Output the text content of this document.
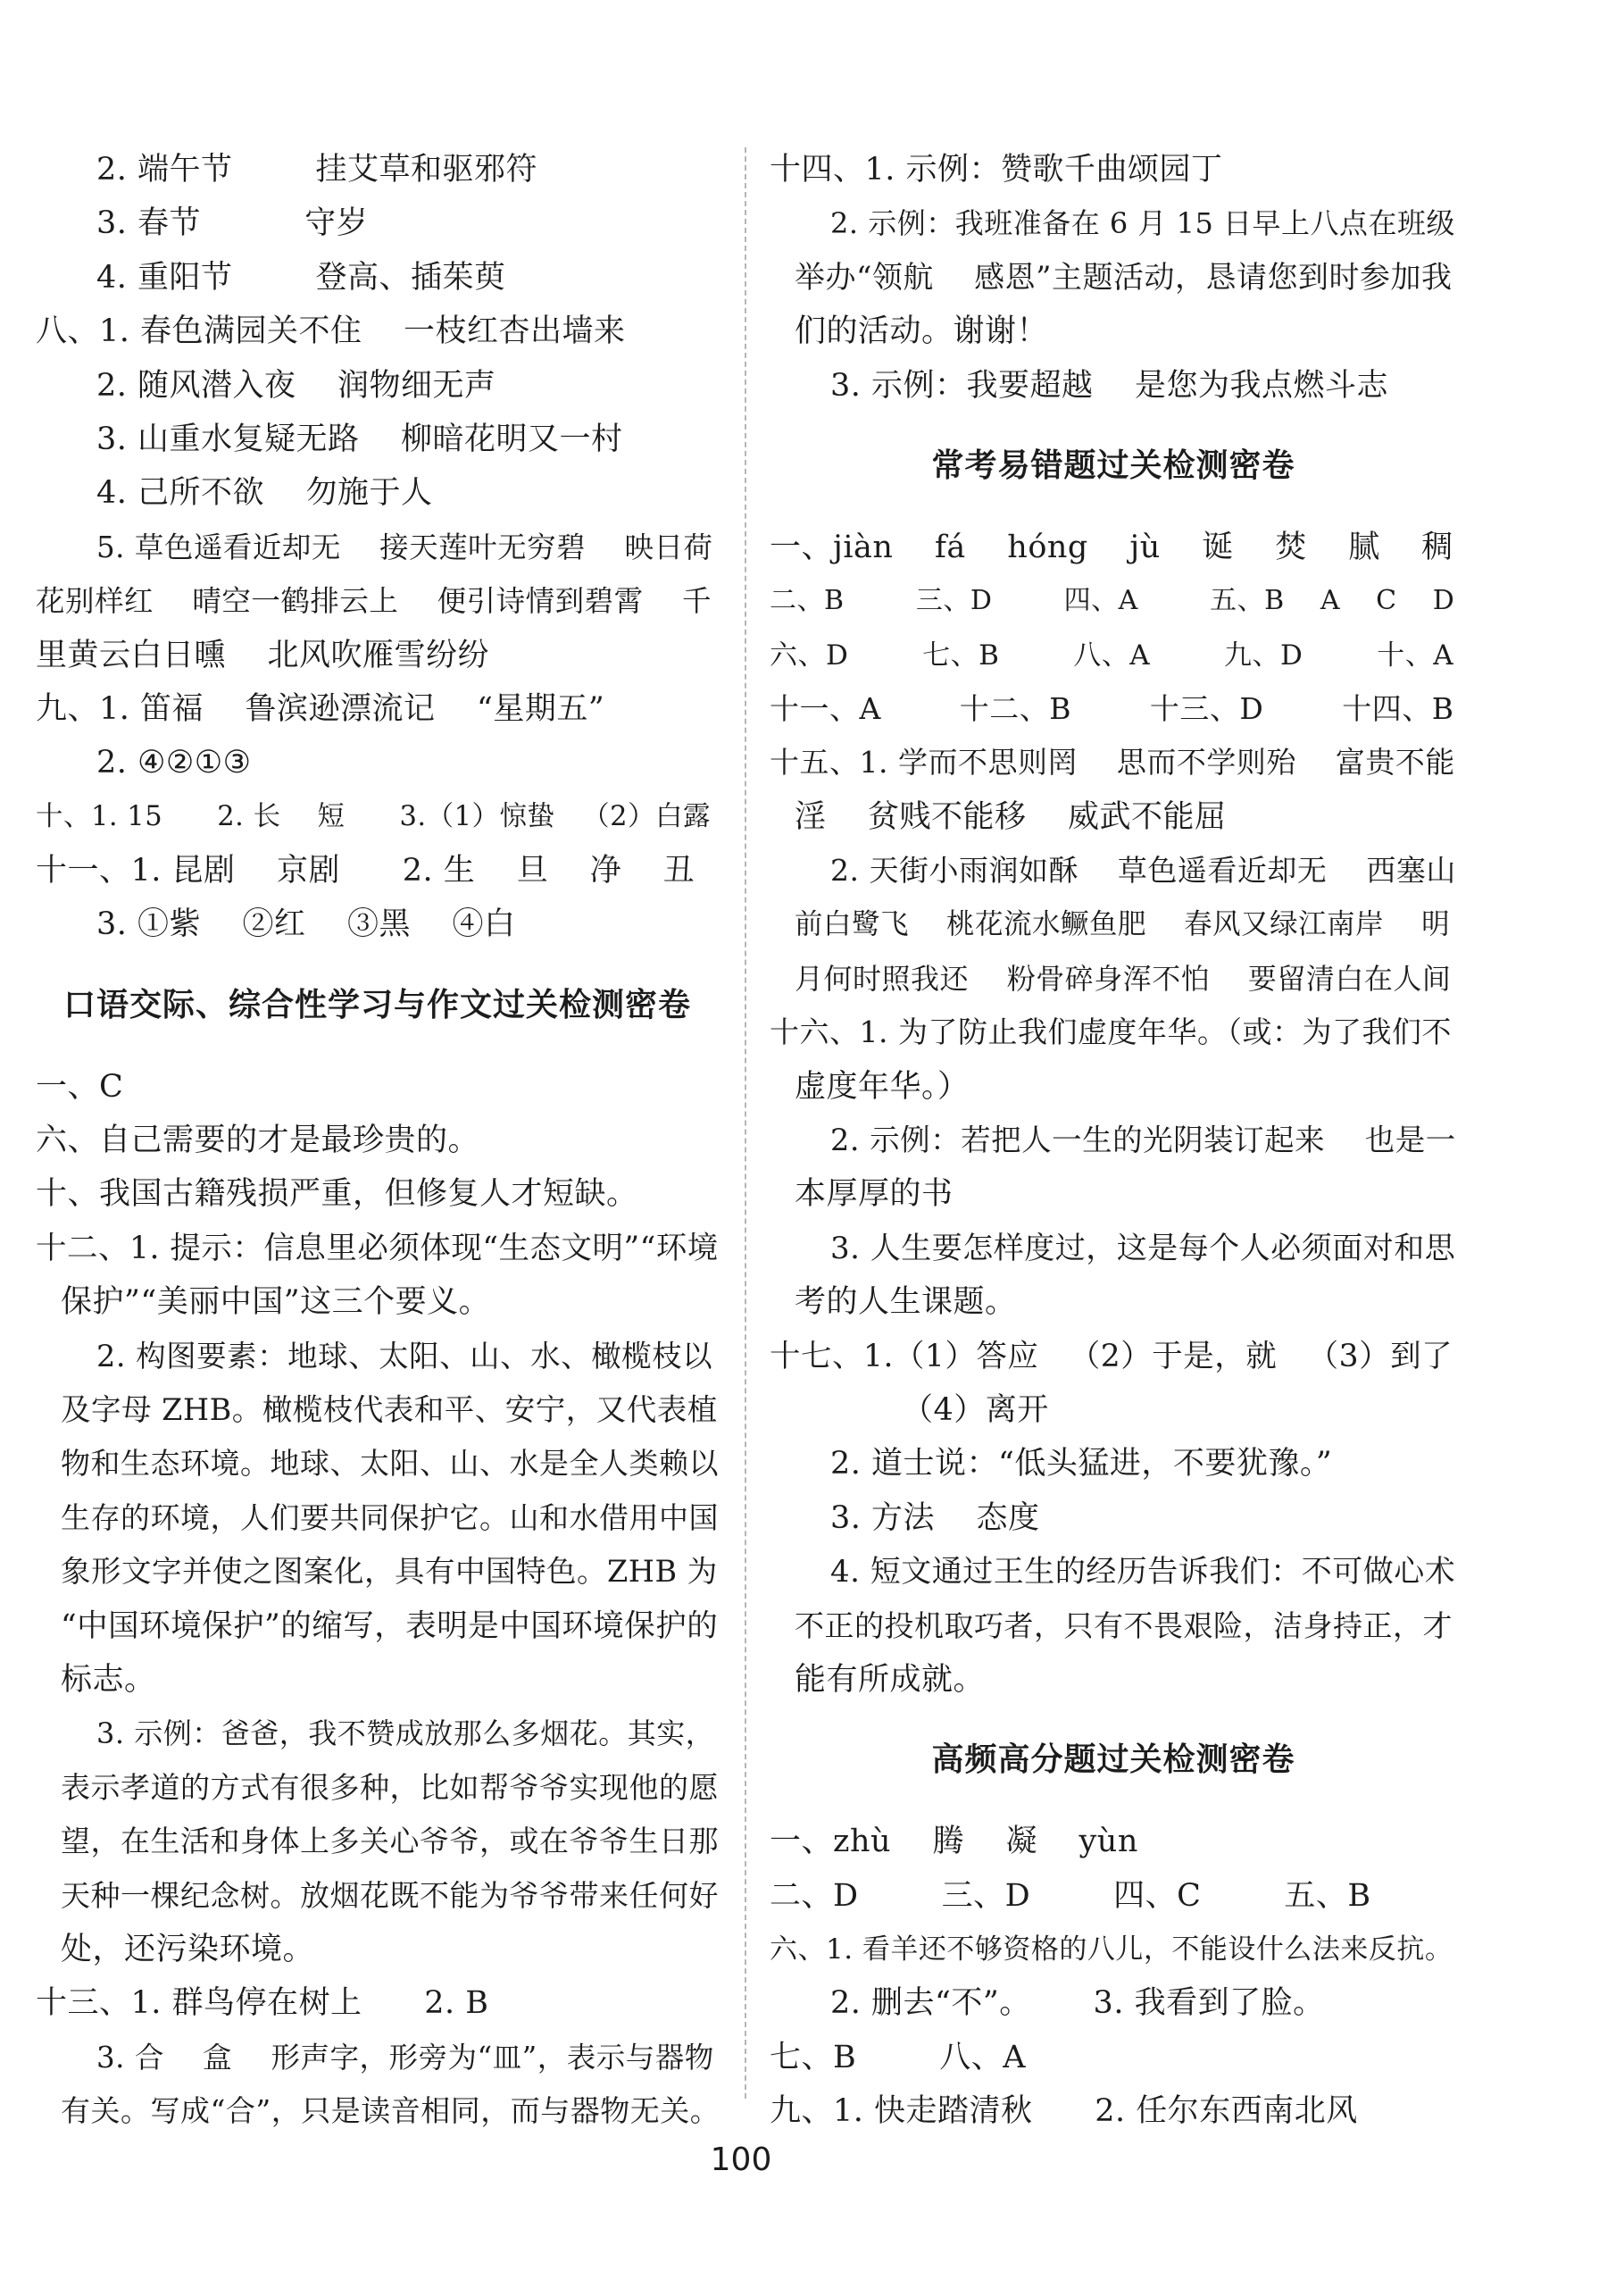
2. 端午节        挂艾草和驱邪符
3. 春节          守岁
4. 重阳节        登高、插茱萸
八、1. 春色满园关不住    一枝红杏出墙来
2. 随风潜入夜    润物细无声
3. 山重水复疑无路    柳暗花明又一村
4. 己所不欲    勿施于人
5. 草色遥看近却无    接天莲叶无穷碧    映日荷
花别样红    晴空一鹤排云上    便引诗情到碧霄    千
里黄云白日曛    北风吹雁雪纷纷
九、1. 笛福    鲁滨逊漂流记    “星期五”
2. ④②①③
十、1. 15      2. 长    短      3.（1）惊蛰   （2）白露
十一、1. 昆剧    京剧      2. 生    旦    净    丑
3. ①紫    ②红    ③黑    ④白
口语交际、综合性学习与作文过关检测密卷
一、C
六、自己需要的才是最珍贵的。
十、我国古籍残损严重，但修复人才短缺。
十二、1. 提示：信息里必须体现“生态文明”“环境
保护”“美丽中国”这三个要义。
2. 构图要素：地球、太阳、山、水、橄榄枝以
及字母 ZHB。橄榄枝代表和平、安宁，又代表植
物和生态环境。地球、太阳、山、水是全人类赖以
生存的环境，人们要共同保护它。山和水借用中国
象形文字并使之图案化，具有中国特色。ZHB 为
“中国环境保护”的缩写，表明是中国环境保护的
标志。
3. 示例：爸爸，我不赞成放那么多烟花。其实，
表示孝道的方式有很多种，比如帮爷爷实现他的愿
望，在生活和身体上多关心爷爷，或在爷爷生日那
天种一棵纪念树。放烟花既不能为爷爷带来任何好
处，还污染环境。
十三、1. 群鸟停在树上      2. B
3. 合    盒    形声字，形旁为“皿”，表示与器物
有关。写成“合”，只是读音相同，而与器物无关。
十四、1. 示例：赞歌千曲颂园丁
2. 示例：我班准备在 6 月 15 日早上八点在班级
举办“领航    感恩”主题活动，恳请您到时参加我
们的活动。谢谢！
3. 示例：我要超越    是您为我点燃斗志
常考易错题过关检测密卷
一、jiàn    fá    hóng    jù    诞    焚    腻    稠
二、B        三、D        四、A        五、B    A    C    D
六、D        七、B        八、A        九、D        十、A
十一、A        十二、B        十三、D        十四、B
十五、1. 学而不思则罔    思而不学则殆    富贵不能
淫    贫贱不能移    威武不能屈
2. 天街小雨润如酥    草色遥看近却无    西塞山
前白鹭飞    桃花流水鳜鱼肥    春风又绿江南岸    明
月何时照我还    粉骨碎身浑不怕    要留清白在人间
十六、1. 为了防止我们虚度年华。（或：为了我们不
虚度年华。）
2. 示例：若把人一生的光阴装订起来    也是一
本厚厚的书
3. 人生要怎样度过，这是每个人必须面对和思
考的人生课题。
十七、1.（1）答应   （2）于是，就   （3）到了
（4）离开
2. 道士说：“低头猛进，不要犹豫。”
3. 方法    态度
4. 短文通过王生的经历告诉我们：不可做心术
不正的投机取巧者，只有不畏艰险，洁身持正，才
能有所成就。
高频高分题过关检测密卷
一、zhù    腾    凝    yùn
二、D        三、D        四、C        五、B
六、1. 看羊还不够资格的八儿，不能设什么法来反抗。
2. 删去“不”。      3. 我看到了脸。
七、B        八、A
九、1. 快走踏清秋      2. 任尔东西南北风
100
